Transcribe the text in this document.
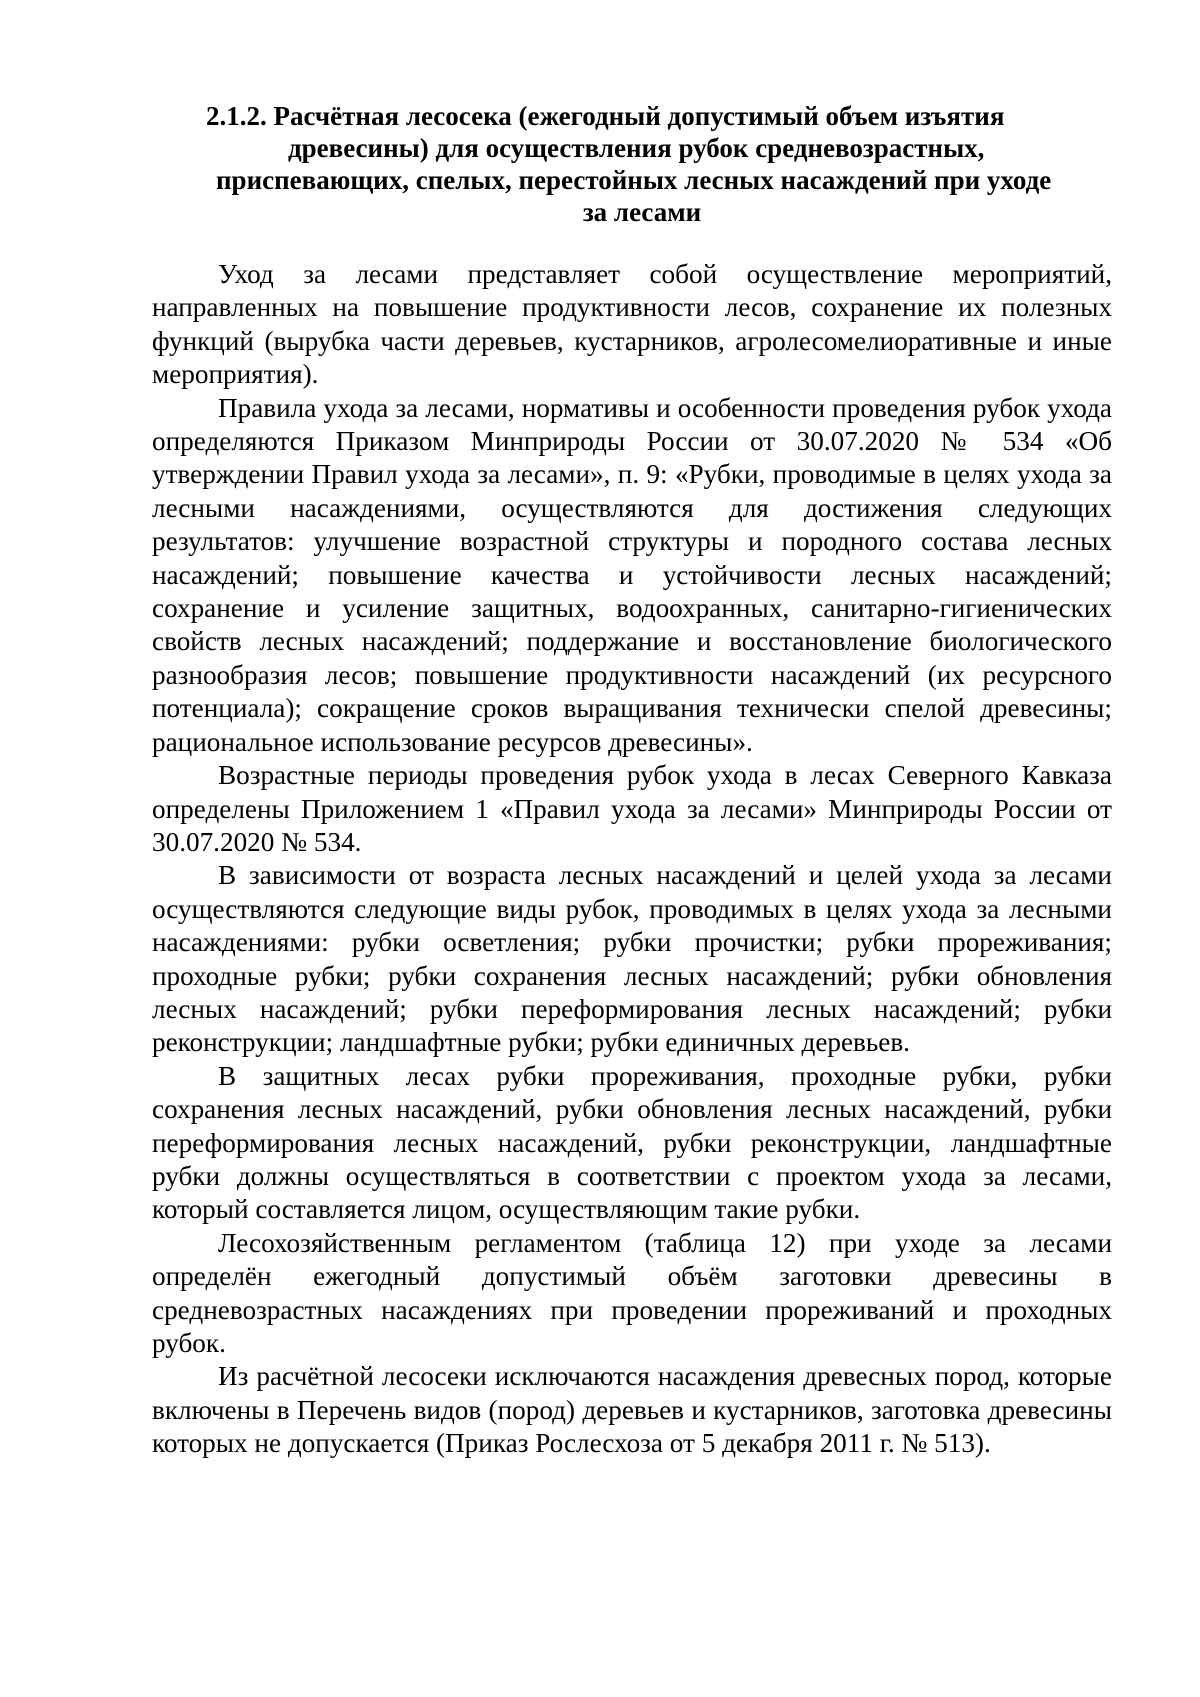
2.1.2. Расчётная лесосека (ежегодный допустимый объем изъятия
древесины) для осуществления рубок средневозрастных,
приспевающих, спелых, перестойных лесных насаждений при уходе
за лесами

Уход за лесами представляет собой осуществление мероприятий, направленных на повышение продуктивности лесов, сохранение их полезных функций (вырубка части деревьев, кустарников, агролесомелиоративные и иные мероприятия).

Правила ухода за лесами, нормативы и особенности проведения рубок ухода определяются Приказом Минприроды России от 30.07.2020 № 534 «Об утверждении Правил ухода за лесами», п. 9: «Рубки, проводимые в целях ухода за лесными насаждениями, осуществляются для достижения следующих результатов: улучшение возрастной структуры и породного состава лесных насаждений; повышение качества и устойчивости лесных насаждений; сохранение и усиление защитных, водоохранных, санитарно-гигиенических свойств лесных насаждений; поддержание и восстановление биологического разнообразия лесов; повышение продуктивности насаждений (их ресурсного потенциала); сокращение сроков выращивания технически спелой древесины; рациональное использование ресурсов древесины».

Возрастные периоды проведения рубок ухода в лесах Северного Кавказа определены Приложением 1 «Правил ухода за лесами» Минприроды России от 30.07.2020 № 534.

В зависимости от возраста лесных насаждений и целей ухода за лесами осуществляются следующие виды рубок, проводимых в целях ухода за лесными насаждениями: рубки осветления; рубки прочистки; рубки прореживания; проходные рубки; рубки сохранения лесных насаждений; рубки обновления лесных насаждений; рубки переформирования лесных насаждений; рубки реконструкции; ландшафтные рубки; рубки единичных деревьев.

В защитных лесах рубки прореживания, проходные рубки, рубки сохранения лесных насаждений, рубки обновления лесных насаждений, рубки переформирования лесных насаждений, рубки реконструкции, ландшафтные рубки должны осуществляться в соответствии с проектом ухода за лесами, который составляется лицом, осуществляющим такие рубки.

Лесохозяйственным регламентом (таблица 12) при уходе за лесами определён ежегодный допустимый объём заготовки древесины в средневозрастных насаждениях при проведении прореживаний и проходных рубок.

Из расчётной лесосеки исключаются насаждения древесных пород, которые включены в Перечень видов (пород) деревьев и кустарников, заготовка древесины которых не допускается (Приказ Рослесхоза от 5 декабря 2011 г. № 513).
